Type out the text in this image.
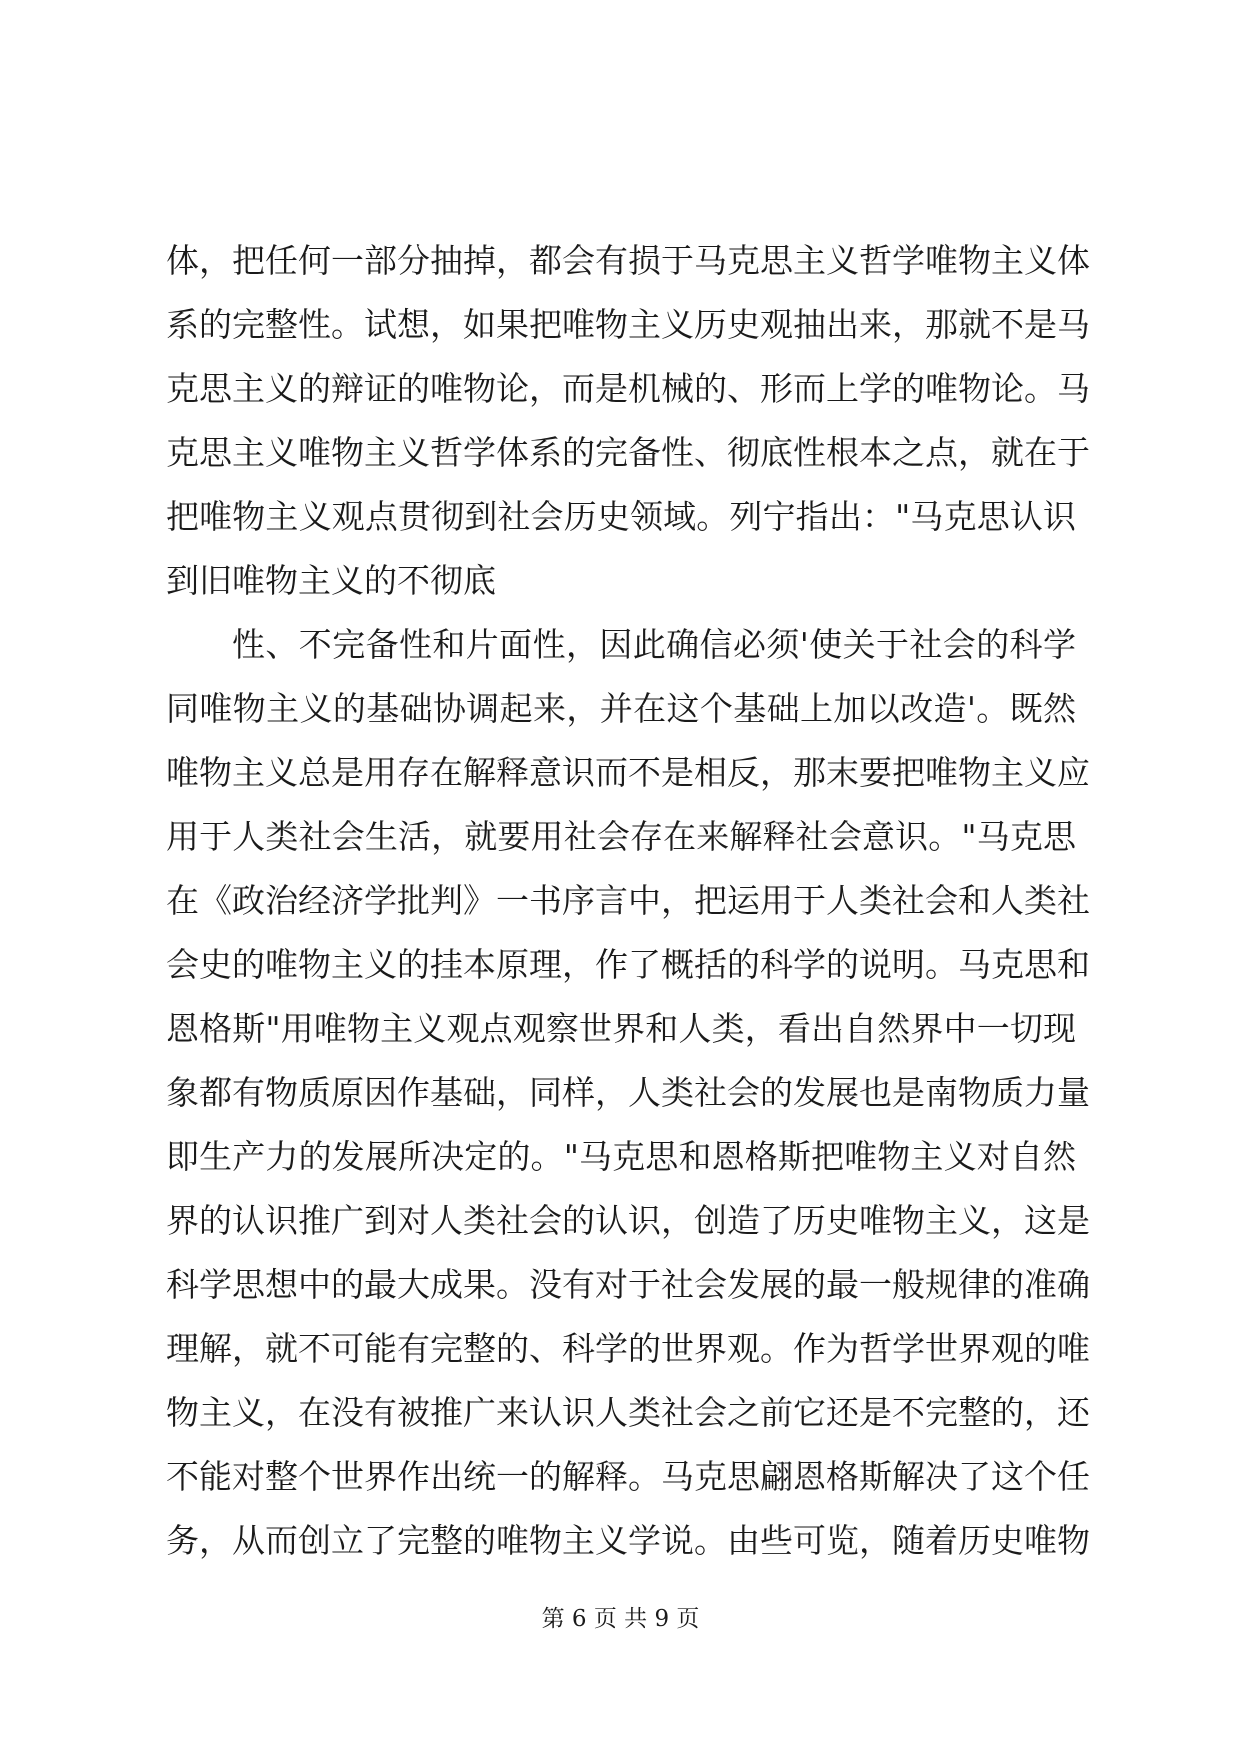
体，把任何一部分抽掉，都会有损于马克思主义哲学唯物主义体
系的完整性。试想，如果把唯物主义历史观抽出来，那就不是马
克思主义的辩证的唯物论，而是机械的、形而上学的唯物论。马
克思主义唯物主义哲学体系的完备性、彻底性根本之点，就在于
把唯物主义观点贯彻到社会历史领域。列宁指出："马克思认识
到旧唯物主义的不彻底
性、不完备性和片面性，因此确信必须'使关于社会的科学
同唯物主义的基础协调起来，并在这个基础上加以改造'。既然
唯物主义总是用存在解释意识而不是相反，那末要把唯物主义应
用于人类社会生活，就要用社会存在来解释社会意识。"马克思
在《政治经济学批判》一书序言中，把运用于人类社会和人类社
会史的唯物主义的挂本原理，作了概括的科学的说明。马克思和
恩格斯"用唯物主义观点观察世界和人类，看出自然界中一切现
象都有物质原因作基础，同样，人类社会的发展也是南物质力量
即生产力的发展所决定的。"马克思和恩格斯把唯物主义对自然
界的认识推广到对人类社会的认识，创造了历史唯物主义，这是
科学思想中的最大成果。没有对于社会发展的最一般规律的准确
理解，就不可能有完整的、科学的世界观。作为哲学世界观的唯
物主义，在没有被推广来认识人类社会之前它还是不完整的，还
不能对整个世界作出统一的解释。马克思翩恩格斯解决了这个任
务，从而创立了完整的唯物主义学说。由些可览，随着历史唯物
第 6 页 共 9 页
